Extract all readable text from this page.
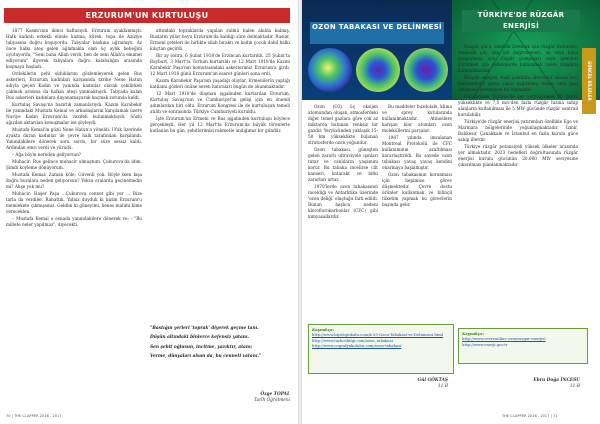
ERZURUM'UN KURTULUŞU

1877 Kasım'ının ikinci haftasıydı. Erzurum ayaklanmıştı. Halk kadınlı erkekli elinde kazma, kürek, topa ile Aziziye tabyasına doğru koşuyordu. Tabyalar baskına uğramıştı. Az önce halkı ateş gelen ağlamakla olan üç aylık bebeğini uyutuyordu, "Seni bana Allah verdi, ben de seni Allah'a emanet ediyorum" diyerek tabyalara doğru kalabalığın arasında koşmaya başladı.

Ordekilerin pehl olduklarını gözlemleyerek gelen Rus askerleri, Erzurum kadınları karşısında tarihe Nene Hatun adıyla geçen Kadın ve yanında kadınlar olarak çekilirken çakmak arasına da halkın ateşi yanmaktaydı. Tabyada kalan Rus askerleri kadınlara dayanamayarak kaçmak zorunda kaldı.

Kurtuluş Savaşı'na hazırlık zamanlarıydı. Kazım Karabekir ile yanındaki Mustafa Kemal ve arkadaşlarını karşılamak üzere Nuriye Kadın Erzurum'da vazifeli bulunmaktaydı. Sözlü ağızdan aktarılan konuşmalar ise şöyleydi:

Mustafa Kemal'in gözü Nene Hatun'a yöneldi. Ufuk üzerinde ayakta duran kadınlar ile çevre halk tarafından karşılandı. Yanındakilere dönerek soru sordu, bir süre sessiz kaldı. Ardından emri verdi ve yürüdü.

– Ağa böyle nereden geliyorsun?

Muhacir: Rus gelince muhacir olmuştum. Çukurova'da idim. Şimdi koyleme dönüyorum.

Mustafa Kemal: Zaman köle; Güvenli yok. Böyle iken kışa doğru buralara neden geliyorsun? Yoksa oralarda geçinemedin mi? Ahşe yok mu?

Muhacir: Haşer Paşa ...Çukurova cennet gibi yer ... Bize tarla da verdiler. Rahattık. Yalnız duyduk ki bizim Erzurum'u memlekete çıkmışsınız. Geldim ki güneyimi, kenes malimi kime vereceklen.

– Mustafa Kemal o esnada yanındakilere dönerek ve; - "Bu millete neler yapılmaz", diyecekti.

attındaki topraklarda yapılan zulmü halen akılda kalmış, Rusların yıllar boyu Erzurum'da kaldığı süre dolmaktadır. Ruslar, Ermeni çeteleri ile birlikte silah bıraktı ve kadın çocuk dahil halkı kılıçtan geçirdi.

Bir ay sonra, 6 Şubat 1918'de Erzincan kurtarıldı, 25 Şubat'ta Bayburt, 3 Mart'ta Tortum kurtarıldı ve 12 Mart 1918'de Kazım Karabekir Paşa'nın komutasındaki askerlerimiz Erzurum'a girdi. 12 Mart 1918 günü Erzurum'un esaret günleri sona erdi.

Kazım Karabekir Paşa'nın yaşadığı olaylar, Ermenilerin yaptığı katliamı gözleri önüne seren hatıraları bugün de okunmaktadır.

12 Mart 1918'de düşman işgalinden kurtarılan Erzurum, Kurtuluş Savaşı'nın ve Cumhuriyet'in gelişi için en önemli adımlardan biri oldu. Erzurum Kongresi ile de kurtuluşun temeli atıldı ve sonrasında Türkiye Cumhuriyeti kuruldu.

İşte Erzurum'un Ermeni ve Rus işgalinden kurtuluşu böylece gerçekleşti. Her yıl 12 Mart'ta Erzurum'da büyük törenlerle kutlanan bu gün, şehitlerimizi rahmetle andığımız bir gündür.

"Bastığın yerleri 'toprak' diyerek geçme tanı.

Düşün altındaki binlerce kefensiz yatanı.

Sen şehit oğlusun, incitme, yazıktır, atanı;

Verme, dünyaları alsan da, bu cenneti vatanı."

Özge TOPAL
Tarih Öğretmeni
70 | THE CLAPPER 2016 - 2017
OZON TABAKASI VE DELİNMESİ
TÜRKİYE'DE RÜZGÂR ENERJİSİ

Ozon (O3) üç oksijen atomundan oluşan, atmosferdeki diğer temel gazlara göre çok az miktarda bulunan renksiz bir gazdır. Yeryüzünden yaklaşık 15-50 km yükseklikte bulunan stratosferde ozon yoğundur.

Ozon tabakası, güneşten gelen zararlı ultraviyole ışınları tutar ve canlıların yaşamını korur. Bu tabaka incelirse cilt kanseri, katarakt ve bitki zararları artar.

1970'lerde ozon tabakasının inceldiği ve Antarktika üzerinde 'ozon deliği' oluştuğu fark edildi. Bunun başlıca nedeni kloroflorokarbonlar (CFC) gibi kimyasallardır.

Bu maddeler buzdolabı, klima ve sprey kutularında kullanılmaktadır. Atmosfere karışan klor atomları ozon moleküllerini parçalar.

1987 yılında imzalanan Montreal Protokolü ile CFC kullanımının azaltılması kararlaştırıldı. Bu sayede ozon tabakası yavaş yavaş kendini onarmaya başlamıştır.

Ozon tabakasının korunması için hepimize görev düşmektedir. Çevre dostu ürünler kullanmak ve bilinçli tüketim yapmak bu görevlerin başında gelir.

Kaynakça:
http://www.biyolojiokulu.com/k-53-Ozon-Tabakasi-ve-Delinmesi.html
http://www.turkcebilgi.com/ozon_tabakasi
http://www.cografyakulubu.com/ozon-tabakasi
Gül GÖKTAŞ
11-B

Rüzgâr gücü, elektrik üretmek için rüzgâr türbinleri, mekanik güç için yel değirmenleri, su veya hava pompalama için rüzgâr pompaları veya gemileri yürütmek için yelkenlerde kullanmak üzere rüzgârın kullanılmasıdır.

Rüzgâr enerjisi, fosil yakıtlara alternatif olarak bol, yenilenebilir, geniş çapta dağıtılmış, temiz, sera gazı emisyonu üretmeyen bir kaynaktır.

Günümüzde Türkiye'de yer yeryüzünden 50 metre yükseklikte ve 7,5 m/s'den fazla rüzgâr hızına sahip alanların kullanılması ile 5 MW gücünde rüzgâr santrali kurulabilir.

Türkiye'de rüzgâr enerjisi yatırımları özellikle Ege ve Marmara bölgelerinde yoğunlaşmaktadır. İzmir, Balıkesir, Çanakkale ve İstanbul en fazla kurulu güce sahip illerdir.

Türkiye rüzgâr potansiyeli yüksek ülkeler arasında yer almaktadır. 2023 hedefleri doğrultusunda rüzgâr enerjisi kurulu gücünün 20.000 MW seviyesine çıkarılması planlanmaktadır.

Kaynakça:
http://www.cevreonline.com/ruzgar-enerjisi
http://www.enerji.gov.tr
Ebru Doğa İNCESU
11-B
THE CLAPPER 2016 - 2017 | 71
GÜNCEL BİLGİLER
